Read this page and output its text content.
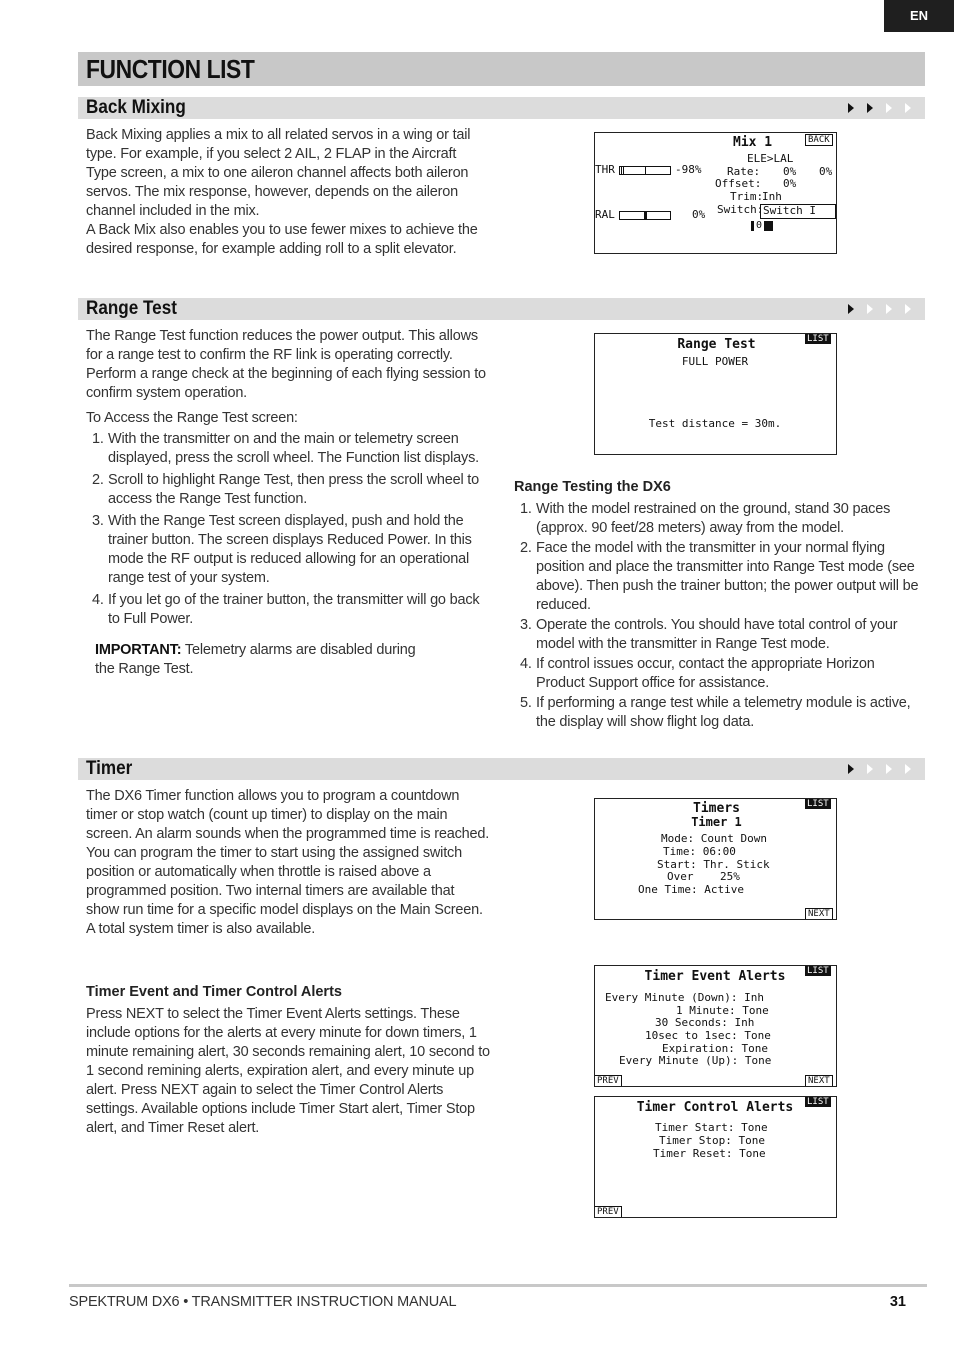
EN
FUNCTION LIST
Back Mixing

Back Mixing applies a mix to all related servos in a wing or tail type. For example, if you select 2 AIL, 2 FLAP in the Aircraft Type screen, a mix to one aileron channel affects both aileron servos. The mix response, however, depends on the aileron channel included in the mix.

A Back Mix also enables you to use fewer mixes to achieve the desired response, for example adding roll to a split elevator.

THR

	-98%

RAL

	0%

Mix 1	BACK
ELE>LAL
Rate: 0% 0%
Offset: 0%
Trim:
Inh
Switch: Switch I
0
Range Test
The Range Test function reduces the power output. This allows for a range test to confirm the RF link is operating correctly. Perform a range check at the beginning of each flying session to confirm system operation.
To Access the Range Test screen:
1. With the transmitter on and the main or telemetry screen displayed, press the scroll wheel. The Function list displays.
2. Scroll to highlight Range Test, then press the scroll wheel to access the Range Test function.
3. With the Range Test screen displayed, push and hold the trainer button. The screen displays Reduced Power. In this mode the RF output is reduced allowing for an operational range test of your system.
4. If you let go of the trainer button, the transmitter will go back to Full Power.
IMPORTANT: Telemetry alarms are disabled during the Range Test.
Range Test	LIST
FULL POWER
Test distance = 30m.
Range Testing the DX6
1. With the model restrained on the ground, stand 30 paces (approx. 90 feet/28 meters) away from the model.
2. Face the model with the transmitter in your normal flying position and place the transmitter into Range Test mode (see above). Then push the trainer button; the power output will be reduced.
3. Operate the controls. You should have total control of your model with the transmitter in Range Test mode.
4. If control issues occur, contact the appropriate Horizon Product Support office for assistance.
5. If performing a range test while a telemetry module is active, the display will show flight log data.
Timer
The DX6 Timer function allows you to program a countdown timer or stop watch (count up timer) to display on the main screen. An alarm sounds when the programmed time is reached. You can program the timer to start using the assigned switch position or automatically when throttle is raised above a programmed position. Two internal timers are available that show run time for a specific model displays on the Main Screen. A total system timer is also available.
Timer Event and Timer Control Alerts
Press NEXT to select the Timer Event Alerts settings. These include options for the alerts at every minute for down timers, 1 minute remaining alert, 30 seconds remaining alert, 10 second to 1 second remining alerts, expiration alert, and every minute up alert. Press NEXT again to select the Timer Control Alerts settings. Available options include Timer Start alert, Timer Stop alert, and Timer Reset alert.
Timers
Timer 1
LIST
Mode: Count Down
Time: 06:00
Start: Thr. Stick
Over    25%
One Time: Active
NEXT
Timer Event Alerts	LIST
Every Minute (Down): Inh
1 Minute: Tone
30 Seconds: Inh
10sec to 1sec: Tone
Expiration: Tone
Every Minute (Up): Tone
PREV	NEXT
Timer Control Alerts	LIST
Timer Start: Tone
Timer Stop: Tone
Timer Reset: Tone
PREV
SPEKTRUM DX6 • TRANSMITTER INSTRUCTION MANUAL	31
